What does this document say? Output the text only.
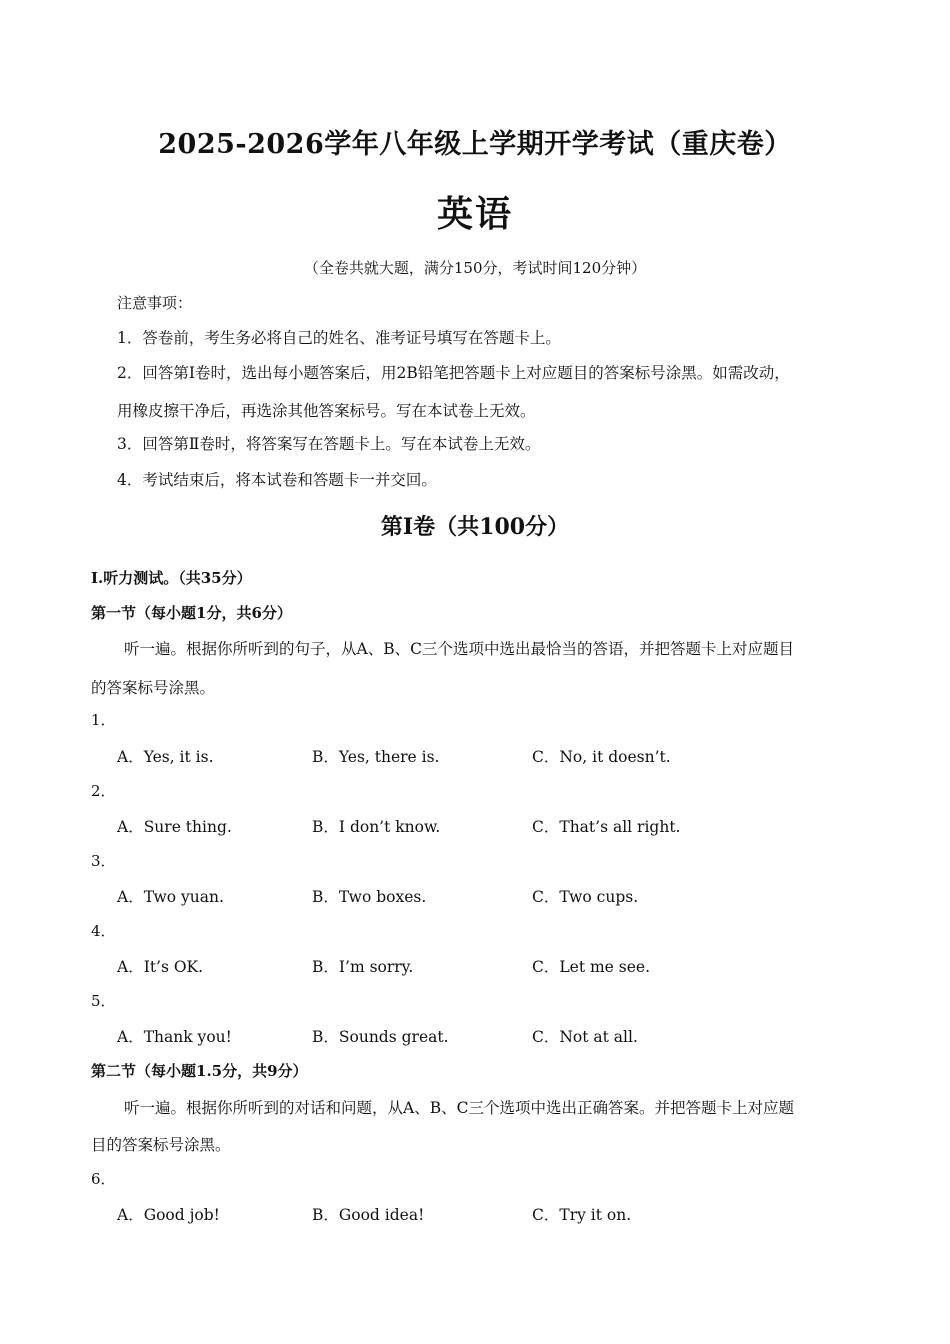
2025-2026学年八年级上学期开学考试（重庆卷）
英语
（全卷共就大题，满分150分，考试时间120分钟）
注意事项：
1．答卷前，考生务必将自己的姓名、准考证号填写在答题卡上。
2．回答第Ⅰ卷时，选出每小题答案后，用2B铅笔把答题卡上对应题目的答案标号涂黑。如需改动，
用橡皮擦干净后，再选涂其他答案标号。写在本试卷上无效。
3．回答第Ⅱ卷时，将答案写在答题卡上。写在本试卷上无效。
4．考试结束后，将本试卷和答题卡一并交回。
第I卷（共100分）
I.听力测试。（共35分）
第一节（每小题1分，共6分）
听一遍。根据你所听到的句子，从A、B、C三个选项中选出最恰当的答语，并把答题卡上对应题目
的答案标号涂黑。
1．
A．Yes, it is.	B．Yes, there is.	C．No, it doesn’t.
2．
A．Sure thing.	B．I don’t know.	C．That’s all right.
3．
A．Two yuan.	B．Two boxes.	C．Two cups.
4．
A．It’s OK.	B．I’m sorry.	C．Let me see.
5．
A．Thank you!	B．Sounds great.	C．Not at all.
第二节（每小题1.5分，共9分）
听一遍。根据你所听到的对话和问题，从A、B、C三个选项中选出正确答案。并把答题卡上对应题
目的答案标号涂黑。
6．
A．Good job!	B．Good idea!	C．Try it on.
